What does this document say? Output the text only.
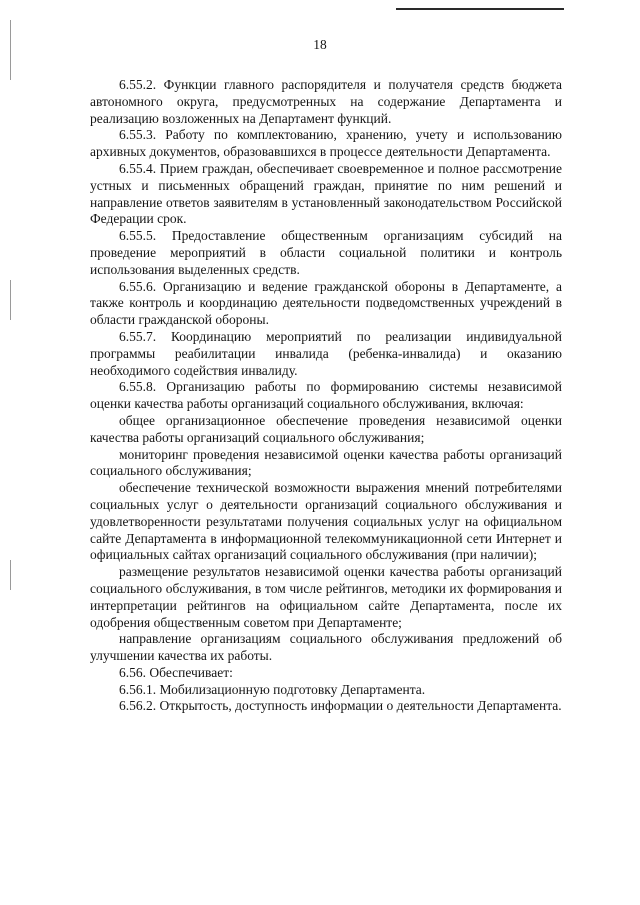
18

6.55.2. Функции главного распорядителя и получателя средств бюджета автономного округа, предусмотренных на содержание Департамента и реализацию возложенных на Департамент функций.

6.55.3. Работу по комплектованию, хранению, учету и использованию архивных документов, образовавшихся в процессе деятельности Департамента.

6.55.4. Прием граждан, обеспечивает своевременное и полное рассмотрение устных и письменных обращений граждан, принятие по ним решений и направление ответов заявителям в установленный законодательством Российской Федерации срок.

6.55.5. Предоставление общественным организациям субсидий на проведение мероприятий в области социальной политики и контроль использования выделенных средств.

6.55.6. Организацию и ведение гражданской обороны в Департаменте, а также контроль и координацию деятельности подведомственных учреждений в области гражданской обороны.

6.55.7. Координацию мероприятий по реализации индивидуальной программы реабилитации инвалида (ребенка-инвалида) и оказанию необходимого содействия инвалиду.

6.55.8. Организацию работы по формированию системы независимой оценки качества работы организаций социального обслуживания, включая:

общее организационное обеспечение проведения независимой оценки качества работы организаций социального обслуживания;

мониторинг проведения независимой оценки качества работы организаций социального обслуживания;

обеспечение технической возможности выражения мнений потребителями социальных услуг о деятельности организаций социального обслуживания и удовлетворенности результатами получения социальных услуг на официальном сайте Департамента в информационной телекоммуникационной сети Интернет и официальных сайтах организаций социального обслуживания (при наличии);

размещение результатов независимой оценки качества работы организаций социального обслуживания, в том числе рейтингов, методики их формирования и интерпретации рейтингов на официальном сайте Департамента, после их одобрения общественным советом при Департаменте;

направление организациям социального обслуживания предложений об улучшении качества их работы.

6.56. Обеспечивает:

6.56.1. Мобилизационную подготовку Департамента.

6.56.2. Открытость, доступность информации о деятельности Департамента.
